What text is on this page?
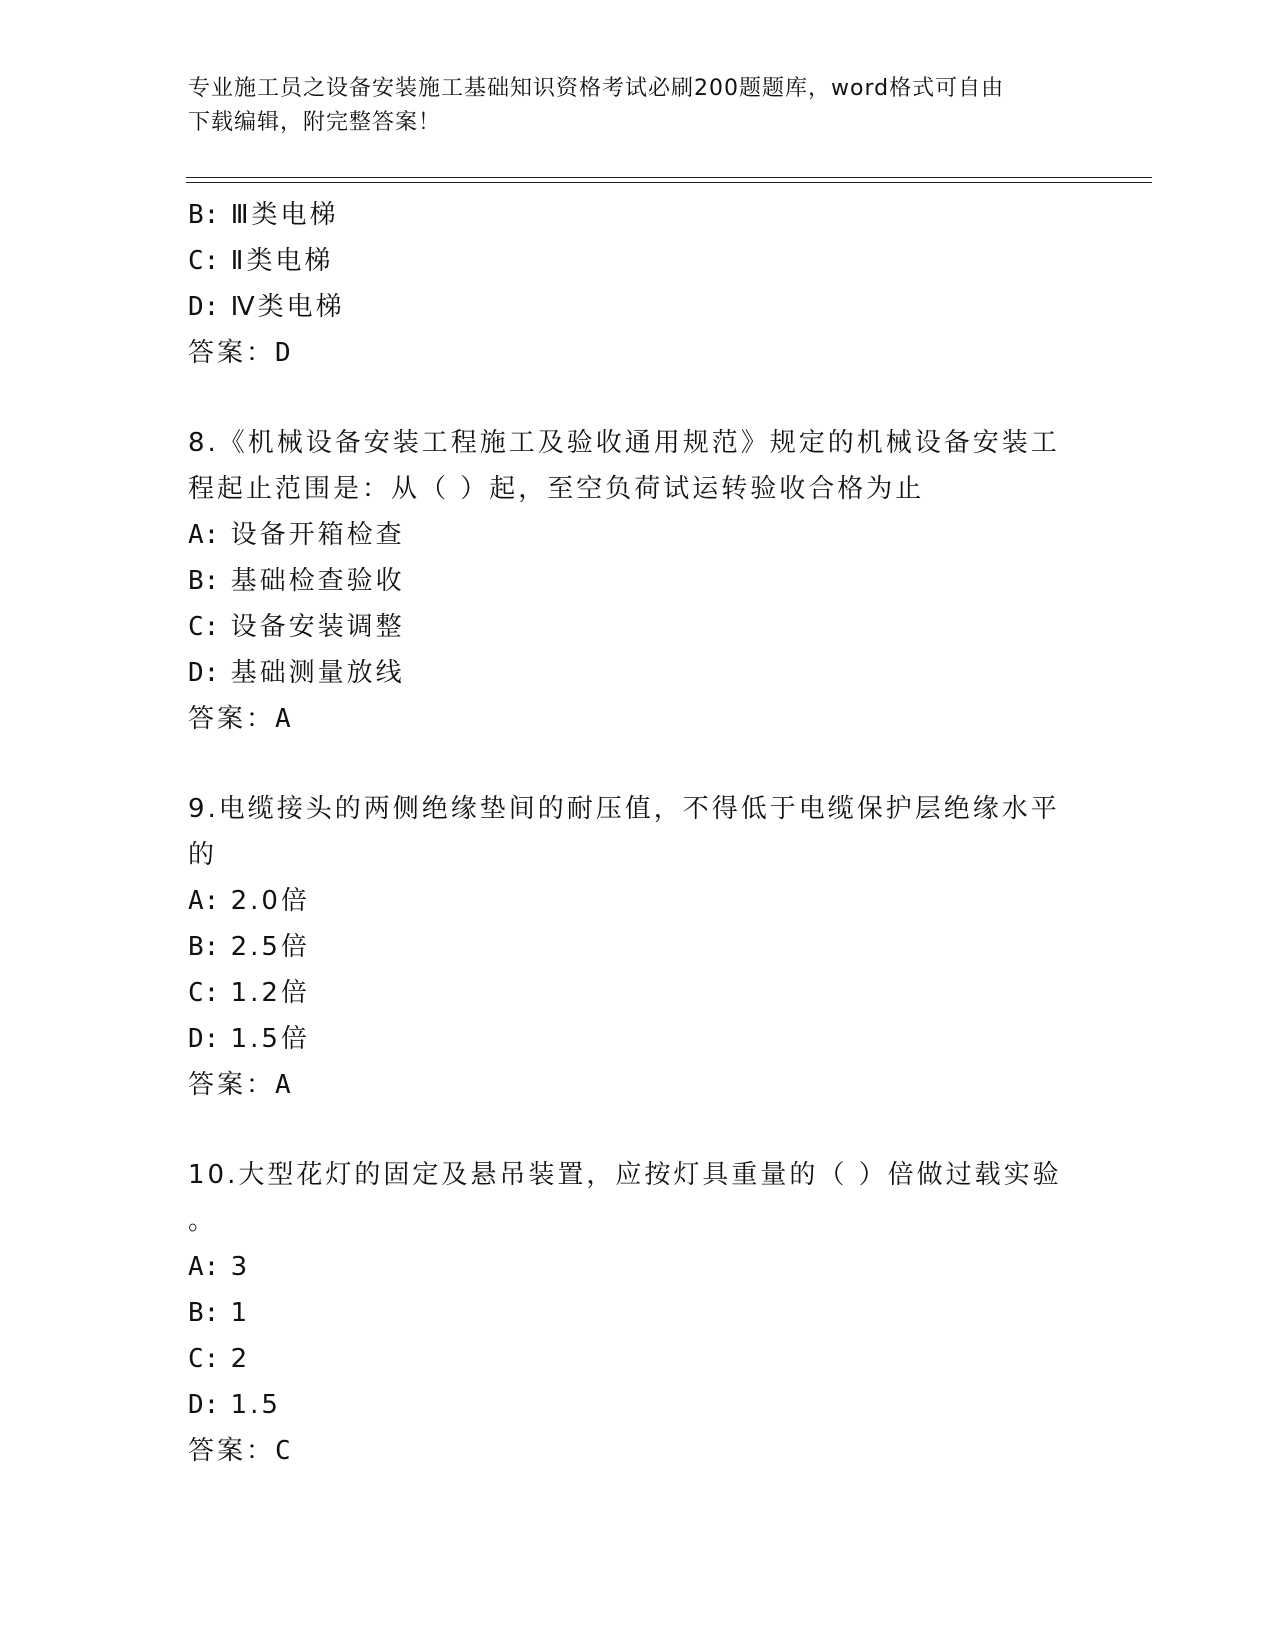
专业施工员之设备安装施工基础知识资格考试必刷200题题库，word格式可自由
下载编辑，附完整答案！
B: Ⅲ类电梯
C: Ⅱ类电梯
D: Ⅳ类电梯
答案：D
8.《机械设备安装工程施工及验收通用规范》规定的机械设备安装工
程起止范围是：从（ ）起，至空负荷试运转验收合格为止
A: 设备开箱检查
B: 基础检查验收
C: 设备安装调整
D: 基础测量放线
答案：A
9.电缆接头的两侧绝缘垫间的耐压值，不得低于电缆保护层绝缘水平
的
A: 2.0倍
B: 2.5倍
C: 1.2倍
D: 1.5倍
答案：A
10.大型花灯的固定及悬吊装置，应按灯具重量的（ ）倍做过载实验
。
A: 3
B: 1
C: 2
D: 1.5
答案：C
